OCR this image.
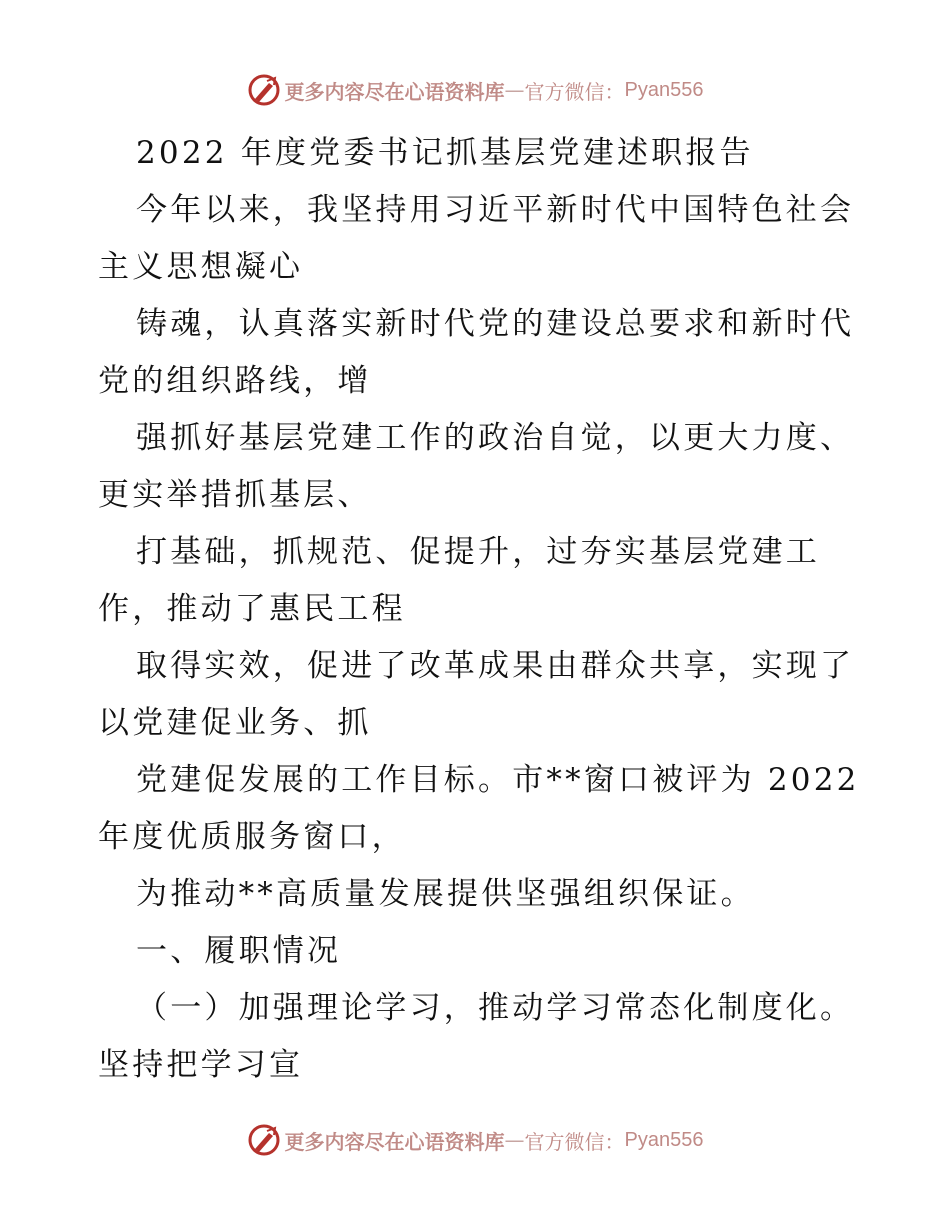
更多内容尽在心语资料库 — 官方微信： Pyan556
2022 年度党委书记抓基层党建述职报告
今年以来，我坚持用习近平新时代中国特色社会
主义思想凝心
铸魂，认真落实新时代党的建设总要求和新时代
党的组织路线，增
强抓好基层党建工作的政治自觉，以更大力度、
更实举措抓基层、
打基础，抓规范、促提升，过夯实基层党建工
作，推动了惠民工程
取得实效，促进了改革成果由群众共享，实现了
以党建促业务、抓
党建促发展的工作目标。市**窗口被评为 2022
年度优质服务窗口，
为推动**高质量发展提供坚强组织保证。
一、履职情况
（一）加强理论学习，推动学习常态化制度化。
坚持把学习宣
更多内容尽在心语资料库 — 官方微信： Pyan556
